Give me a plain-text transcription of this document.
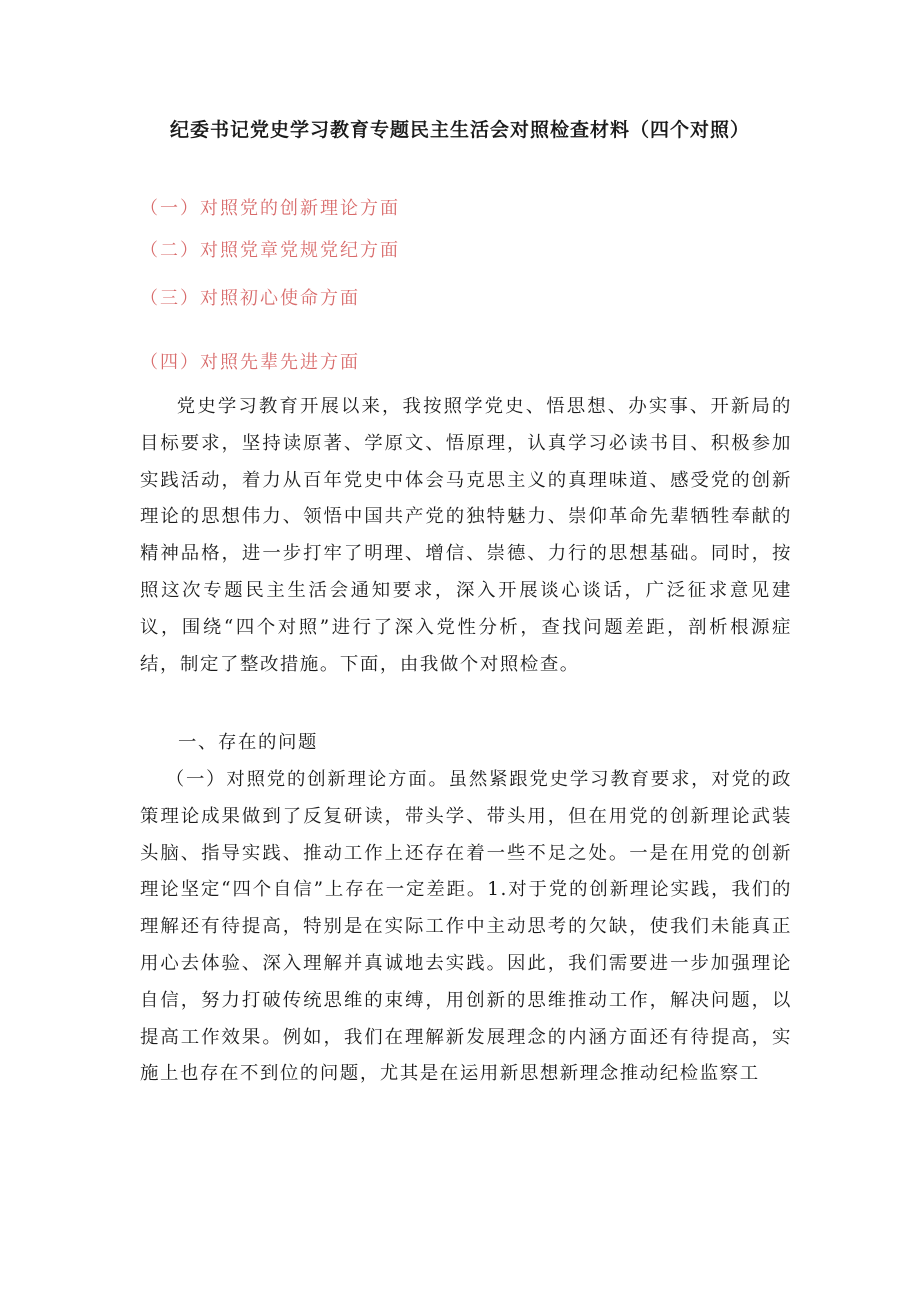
纪委书记党史学习教育专题民主生活会对照检查材料（四个对照）
（一）对照党的创新理论方面
（二）对照党章党规党纪方面
（三）对照初心使命方面
（四）对照先辈先进方面

党史学习教育开展以来，我按照学党史、悟思想、办实事、开新局的目标要求，坚持读原著、学原文、悟原理，认真学习必读书目、积极参加实践活动，着力从百年党史中体会马克思主义的真理味道、感受党的创新理论的思想伟力、领悟中国共产党的独特魅力、崇仰革命先辈牺牲奉献的精神品格，进一步打牢了明理、增信、崇德、力行的思想基础。同时，按照这次专题民主生活会通知要求，深入开展谈心谈话，广泛征求意见建议，围绕“四个对照”进行了深入党性分析，查找问题差距，剖析根源症结，制定了整改措施。下面，由我做个对照检查。

一、存在的问题

（一）对照党的创新理论方面。虽然紧跟党史学习教育要求，对党的政策理论成果做到了反复研读，带头学、带头用，但在用党的创新理论武装头脑、指导实践、推动工作上还存在着一些不足之处。一是在用党的创新理论坚定“四个自信”上存在一定差距。1.对于党的创新理论实践，我们的理解还有待提高，特别是在实际工作中主动思考的欠缺，使我们未能真正用心去体验、深入理解并真诚地去实践。因此，我们需要进一步加强理论自信，努力打破传统思维的束缚，用创新的思维推动工作，解决问题，以提高工作效果。例如，我们在理解新发展理念的内涵方面还有待提高，实施上也存在不到位的问题，尤其是在运用新思想新理念推动纪检监察工
